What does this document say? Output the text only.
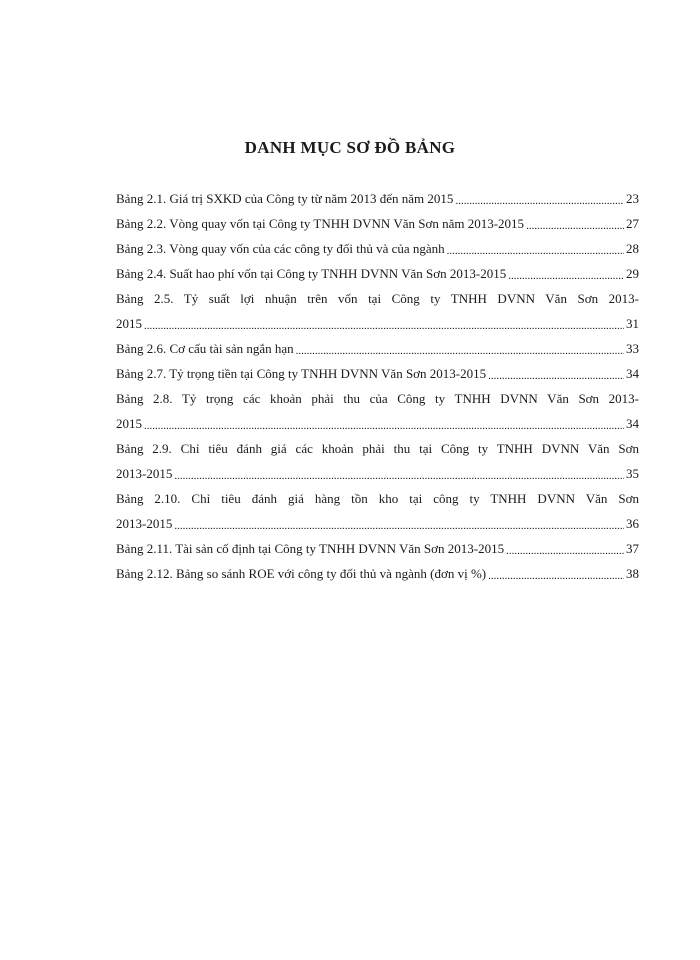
DANH MỤC SƠ ĐỒ BẢNG
Bảng 2.1. Giá trị SXKD của Công ty từ năm 2013 đến năm 2015 .....	23
Bảng 2.2. Vòng quay vốn tại Công ty TNHH DVNN Văn Sơn năm 2013-2015 .....	27
Bảng 2.3. Vòng quay vốn của các công ty đối thủ và của ngành .....	28
Bảng 2.4. Suất hao phí vốn tại Công ty TNHH DVNN Văn Sơn 2013-2015 .....	29
Bảng 2.5. Tỷ suất lợi nhuận trên vốn tại Công ty TNHH DVNN Văn Sơn 2013-
2015 .....	31
Bảng 2.6. Cơ cấu tài sản ngắn hạn .....	33
Bảng 2.7. Tỷ trọng tiền tại Công ty TNHH DVNN Văn Sơn 2013-2015 .....	34
Bảng 2.8. Tỷ trọng các khoản phải thu của Công ty TNHH DVNN Văn Sơn 2013-
2015 .....	34
Bảng 2.9. Chỉ tiêu đánh giá các khoản phải thu tại Công ty TNHH DVNN Văn Sơn
2013-2015 .....	35
Bảng 2.10. Chỉ tiêu đánh giá hàng tồn kho tại công ty TNHH DVNN Văn Sơn
2013-2015 .....	36
Bảng 2.11. Tài sản cố định tại Công ty TNHH DVNN Văn Sơn 2013-2015 .....	37
Bảng 2.12. Bảng so sánh ROE với công ty đối thủ và ngành (đơn vị %) .....	38
